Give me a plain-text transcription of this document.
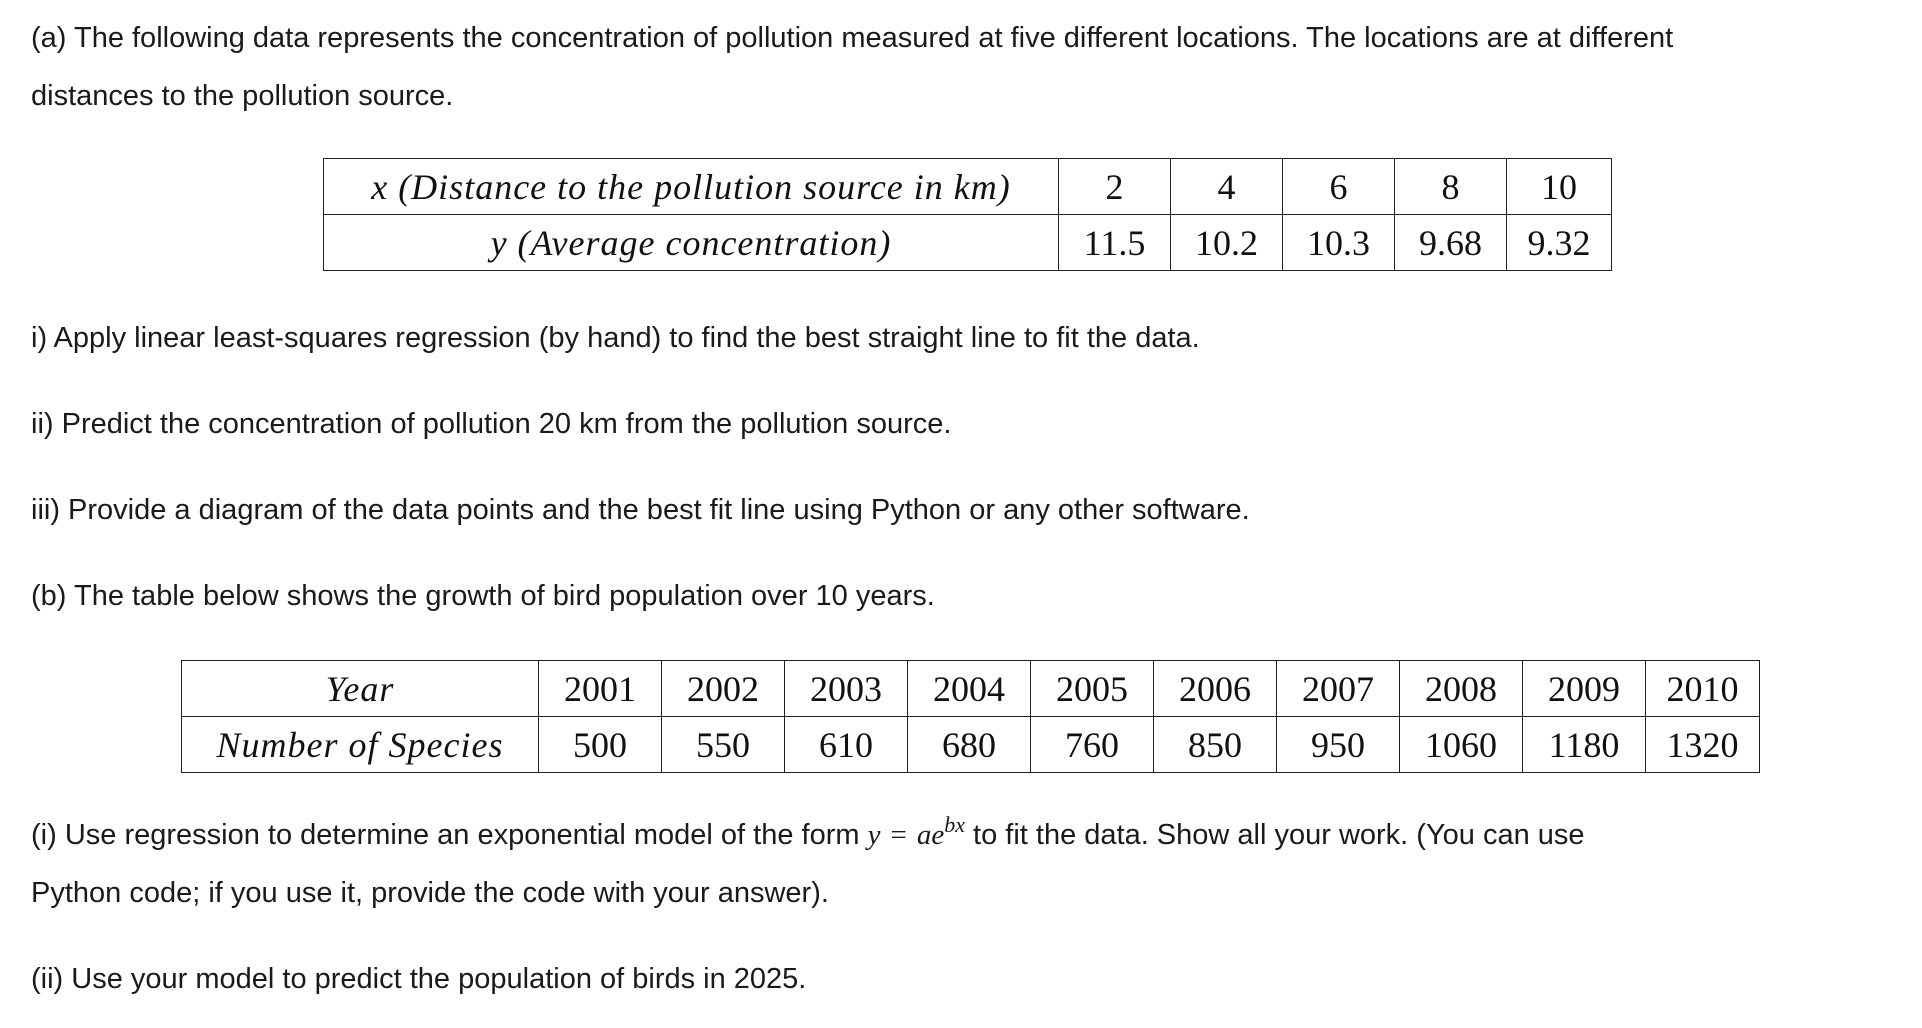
(a) The following data represents the concentration of pollution measured at five different locations. The locations are at different

distances to the pollution source.

x (Distance to the pollution source in km)	2	4	6	8	10
y (Average concentration)	11.5	10.2	10.3	9.68	9.32

i) Apply linear least-squares regression (by hand) to find the best straight line to fit the data.

ii) Predict the concentration of pollution 20 km from the pollution source.

iii) Provide a diagram of the data points and the best fit line using Python or any other software.

(b) The table below shows the growth of bird population over 10 years.

Year	2001	2002	2003	2004	2005	2006	2007	2008	2009	2010
Number of Species	500	550	610	680	760	850	950	1060	1180	1320

(i) Use regression to determine an exponential model of the form $y = ae^{bx}$ to fit the data. Show all your work. (You can use

Python code; if you use it, provide the code with your answer).

(ii) Use your model to predict the population of birds in 2025.
